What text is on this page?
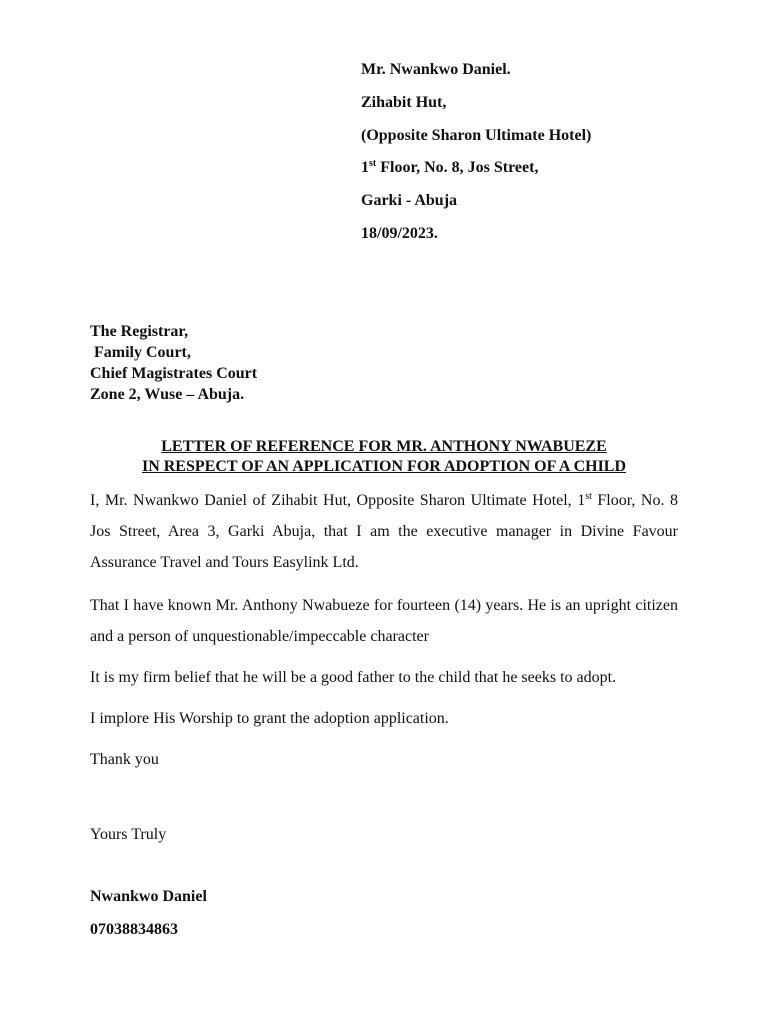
Mr. Nwankwo Daniel.
Zihabit Hut,
(Opposite Sharon Ultimate Hotel)
1st Floor, No. 8, Jos Street,
Garki - Abuja
18/09/2023.
The Registrar,
Family Court,
Chief Magistrates Court
Zone 2, Wuse – Abuja.
LETTER OF REFERENCE FOR MR. ANTHONY NWABUEZE
IN RESPECT OF AN APPLICATION FOR ADOPTION OF A CHILD
I, Mr. Nwankwo Daniel of Zihabit Hut, Opposite Sharon Ultimate Hotel, 1st Floor, No. 8 Jos Street, Area 3, Garki Abuja, that I am the executive manager in Divine Favour Assurance Travel and Tours Easylink Ltd.
That I have known Mr. Anthony Nwabueze for fourteen (14) years. He is an upright citizen and a person of unquestionable/impeccable character
It is my firm belief that he will be a good father to the child that he seeks to adopt.
I implore His Worship to grant the adoption application.
Thank you
Yours Truly
Nwankwo Daniel
07038834863
